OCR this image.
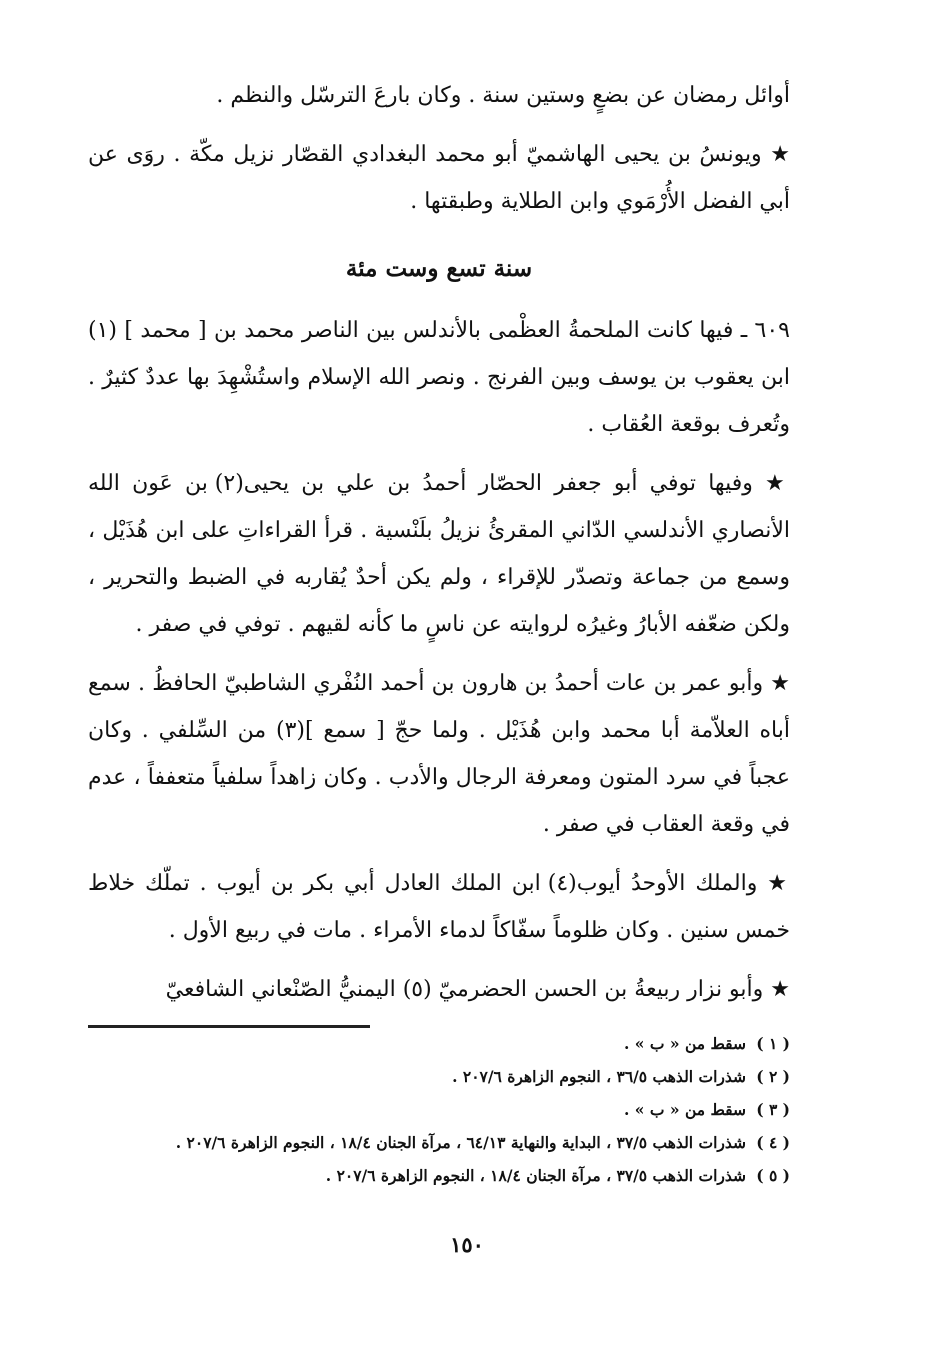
أوائل رمضان عن بضعٍ وستين سنة . وكان بارعَ الترسّل والنظم .

★ ويونسُ بن يحيى الهاشميّ أبو محمد البغدادي القصّار نزيل مكّة . روَى عن أبي الفضل الأُرْمَوي وابن الطلاية وطبقتها .

سنة تسع وست مئة

٦٠٩ ـ فيها كانت الملحمةُ العظْمى بالأندلس بين الناصر محمد بن [ محمد ] (١) ابن يعقوب بن يوسف وبين الفرنج . ونصر الله الإسلام واستُشْهِدَ بها عددٌ كثيرٌ . وتُعرف بوقعة العُقاب .

★ وفيها توفي أبو جعفر الحصّار أحمدُ بن علي بن يحيى(٢) بن عَون الله الأنصاري الأندلسي الدّاني المقرئُ نزيلُ بلَنْسية . قرأ القراءاتِ على ابن هُذَيْل ، وسمع من جماعة وتصدّر للإقراء ، ولم يكن أحدٌ يُقاربه في الضبط والتحرير ، ولكن ضعّفه الأبارُ وغيرُه لروايته عن ناسٍ ما كأنه لقيهم . توفي في صفر .

★ وأبو عمر بن عات أحمدُ بن هارون بن أحمد النُفْري الشاطبيّ الحافظُ . سمع أباه العلاّمة أبا محمد وابن هُذَيْل . ولما حجّ [ سمع ](٣) من السِّلفي . وكان عجباً في سرد المتون ومعرفة الرجال والأدب . وكان زاهداً سلفياً متعففاً ، عدم في وقعة العقاب في صفر .

★ والملك الأوحدُ أيوب(٤) ابن الملك العادل أبي بكر بن أيوب . تملّك خلاط خمس سنين . وكان ظلوماً سفّاكاً لدماء الأمراء . مات في ربيع الأول .

★ وأبو نزار ربيعةُ بن الحسن الحضرميّ (٥) اليمنيُّ الصّنْعاني الشافعيّ

( ١ )
سقط من « ب » .
( ٢ )
شذرات الذهب ٣٦/٥ ، النجوم الزاهرة ٢٠٧/٦ .
( ٣ )
سقط من « ب » .
( ٤ )
شذرات الذهب ٣٧/٥ ، البداية والنهاية ٦٤/١٣ ، مرآة الجنان ١٨/٤ ، النجوم الزاهرة ٢٠٧/٦ .
( ٥ )
شذرات الذهب ٣٧/٥ ، مرآة الجنان ١٨/٤ ، النجوم الزاهرة ٢٠٧/٦ .
١٥٠
